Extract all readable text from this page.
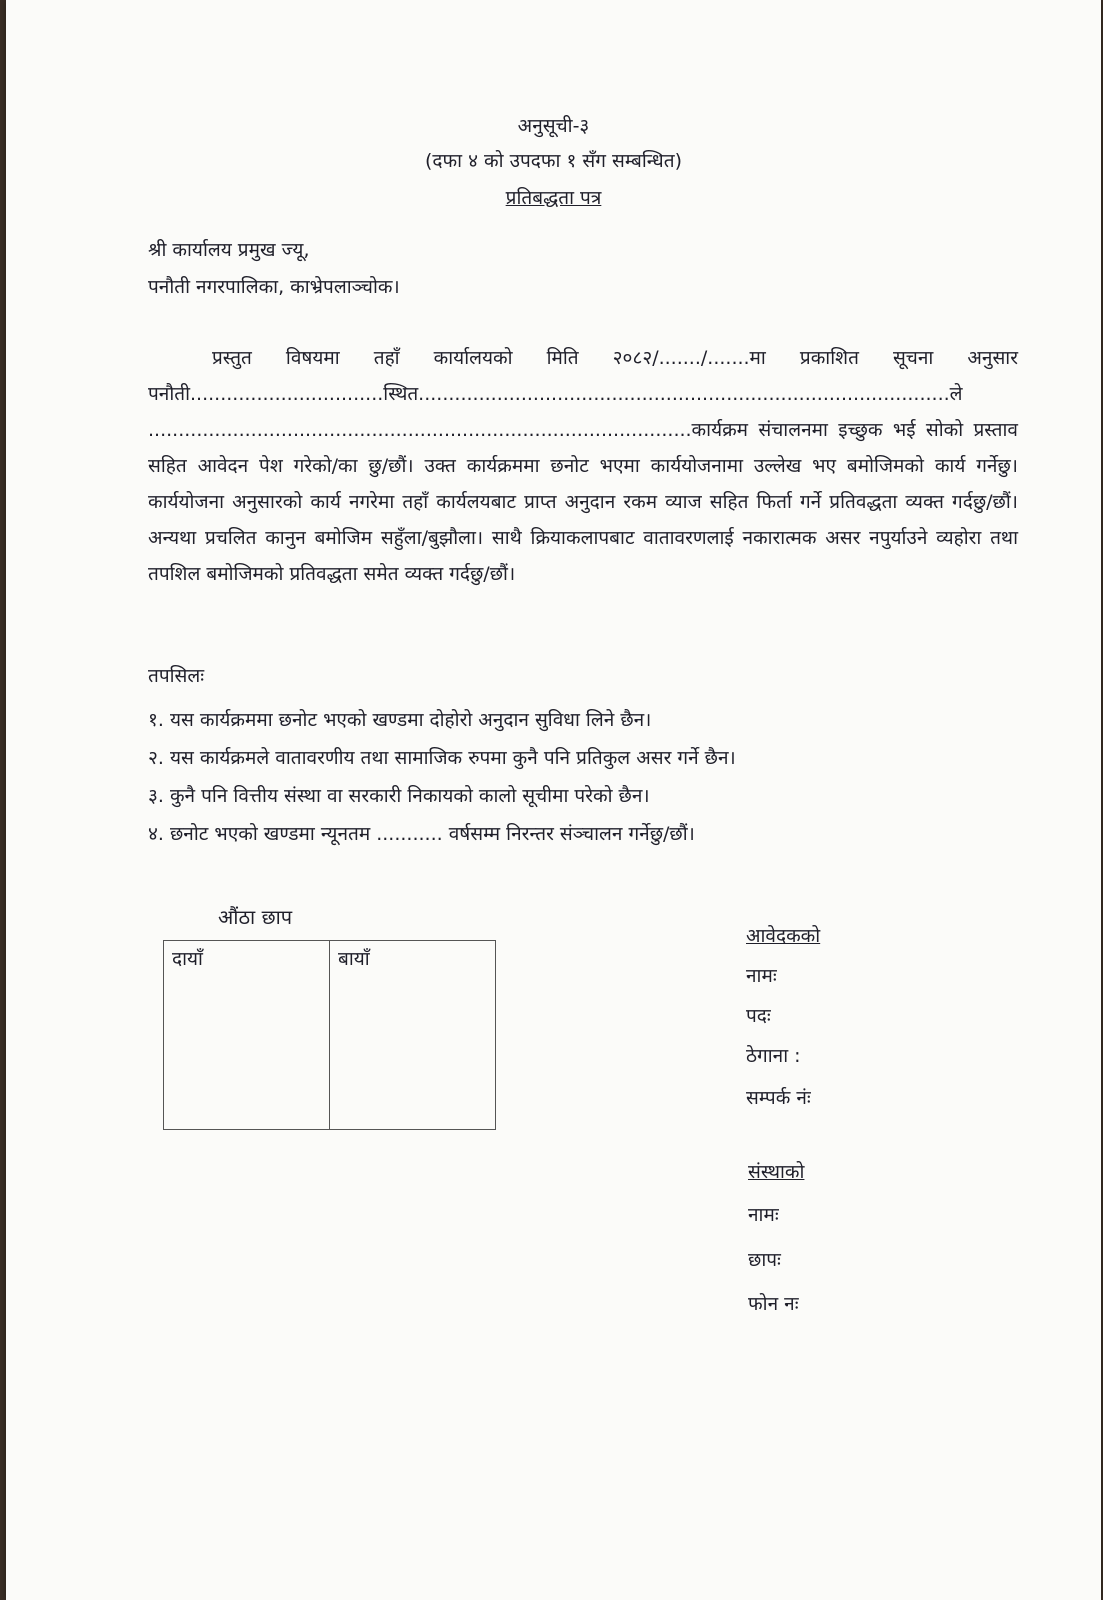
अनुसूची-३
(दफा ४ को उपदफा १ सँग सम्बन्धित)
प्रतिबद्धता पत्र
श्री कार्यालय प्रमुख ज्यू,
पनौती नगरपालिका, काभ्रेपलाञ्चोक।

प्रस्तुत विषयमा तहाँ कार्यालयको मिति २०८२/......./.......मा प्रकाशित सूचना अनुसार पनौती................................स्थित........................................................................................ले ..........................................................................................कार्यक्रम संचालनमा इच्छुक भई सोको प्रस्ताव सहित आवेदन पेश गरेको/का छु/छौं। उक्त कार्यक्रममा छनोट भएमा कार्ययोजनामा उल्लेख भए बमोजिमको कार्य गर्नेछु। कार्ययोजना अनुसारको कार्य नगरेमा तहाँ कार्यलयबाट प्राप्त अनुदान रकम व्याज सहित फिर्ता गर्ने प्रतिवद्धता व्यक्त गर्दछु/छौं। अन्यथा प्रचलित कानुन बमोजिम सहुँला/बुझौला। साथै क्रियाकलापबाट वातावरणलाई नकारात्मक असर नपुर्याउने व्यहोरा तथा तपशिल बमोजिमको प्रतिवद्धता समेत व्यक्त गर्दछु/छौं।

तपसिलः
१. यस कार्यक्रममा छनोट भएको खण्डमा दोहोरो अनुदान सुविधा लिने छैन।
२. यस कार्यक्रमले वातावरणीय तथा सामाजिक रुपमा कुनै पनि प्रतिकुल असर गर्ने छैन।
३. कुनै पनि वित्तीय संस्था वा सरकारी निकायको कालो सूचीमा परेको छैन।
४. छनोट भएको खण्डमा न्यूनतम ........... वर्षसम्म निरन्तर संञ्चालन गर्नेछु/छौं।
औंठा छाप
दायाँ	बायाँ
आवेदकको
नामः
पदः
ठेगाना :
सम्पर्क नंः
संस्थाको
नामः
छापः
फोन नः
